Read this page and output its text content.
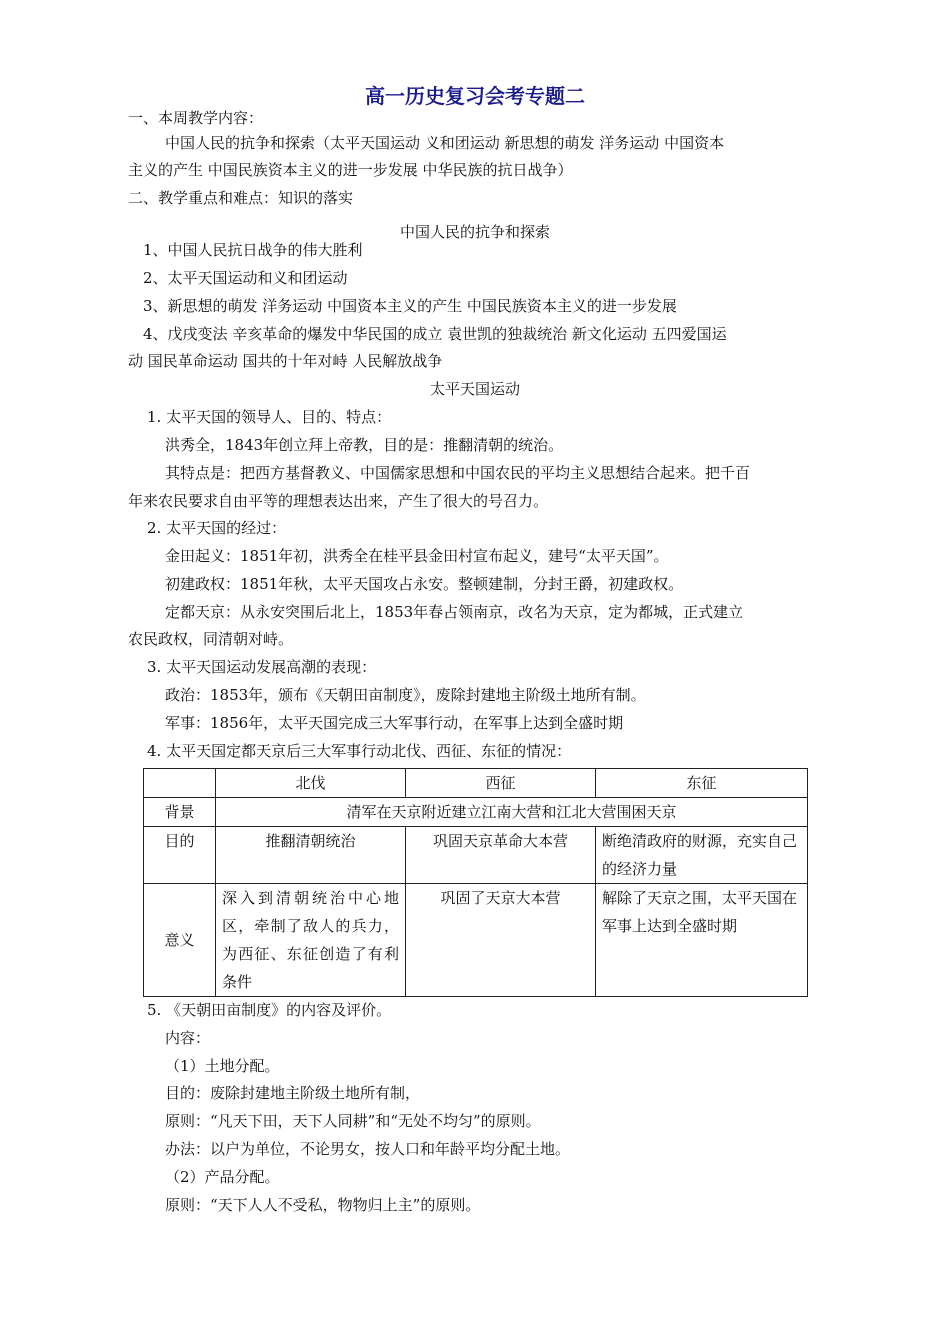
高一历史复习会考专题二
一、本周教学内容：
中国人民的抗争和探索（太平天国运动 义和团运动 新思想的萌发 洋务运动 中国资本
主义的产生 中国民族资本主义的进一步发展 中华民族的抗日战争）
二、教学重点和难点：知识的落实
中国人民的抗争和探索
1、中国人民抗日战争的伟大胜利
2、太平天国运动和义和团运动
3、新思想的萌发 洋务运动 中国资本主义的产生 中国民族资本主义的进一步发展
4、戊戌变法 辛亥革命的爆发中华民国的成立 袁世凯的独裁统治 新文化运动 五四爱国运
动 国民革命运动 国共的十年对峙 人民解放战争
太平天国运动
1. 太平天国的领导人、目的、特点：
洪秀全，1843年创立拜上帝教，目的是：推翻清朝的统治。
其特点是：把西方基督教义、中国儒家思想和中国农民的平均主义思想结合起来。把千百
年来农民要求自由平等的理想表达出来，产生了很大的号召力。
2. 太平天国的经过：
金田起义：1851年初，洪秀全在桂平县金田村宣布起义，建号“太平天国”。
初建政权：1851年秋，太平天国攻占永安。整顿建制，分封王爵，初建政权。
定都天京：从永安突围后北上，1853年春占领南京，改名为天京，定为都城，正式建立
农民政权，同清朝对峙。
3. 太平天国运动发展高潮的表现：
政治：1853年，颁布《天朝田亩制度》，废除封建地主阶级土地所有制。
军事：1856年，太平天国完成三大军事行动，在军事上达到全盛时期
4. 太平天国定都天京后三大军事行动北伐、西征、东征的情况：
	北伐	西征	东征
背景	清军在天京附近建立江南大营和江北大营围困天京		
目的	推翻清朝统治	巩固天京革命大本营	断绝清政府的财源，充实自己的经济力量
意义	深入到清朝统治中心地区，牵制了敌人的兵力，为西征、东征创造了有利条件	巩固了天京大本营	解除了天京之围，太平天国在军事上达到全盛时期
5. 《天朝田亩制度》的内容及评价。
内容：
（1）土地分配。
目的：废除封建地主阶级土地所有制，
原则：“凡天下田，天下人同耕”和“无处不均匀”的原则。
办法：以户为单位，不论男女，按人口和年龄平均分配土地。
（2）产品分配。
原则：“天下人人不受私，物物归上主”的原则。
